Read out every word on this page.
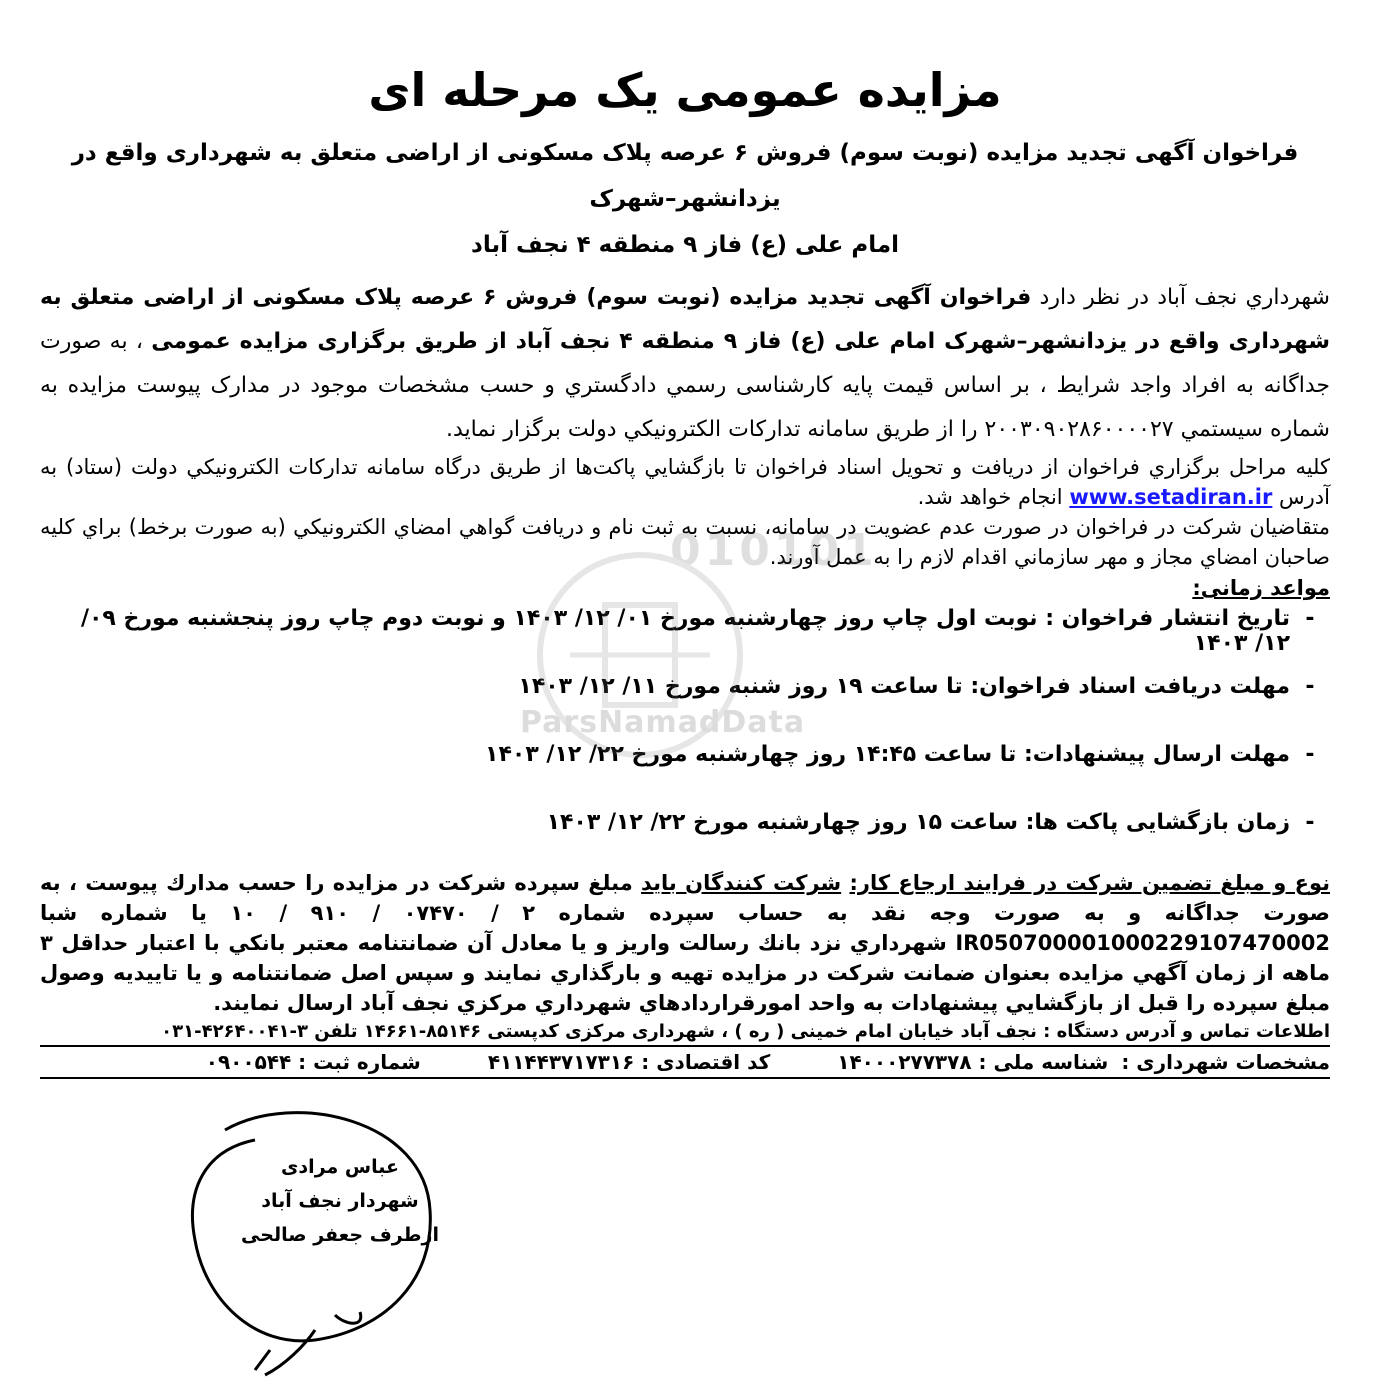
مزایده عمومی یک مرحله ای
فراخوان آگهی تجدید مزایده (نوبت سوم) فروش ۶ عرصه پلاک مسکونی از اراضی متعلق به شهرداری واقع در یزدانشهر–شهرک
امام علی (ع) فاز ۹ منطقه ۴ نجف آباد

شهرداري نجف آباد در نظر دارد فراخوان آگهی تجدید مزایده (نوبت سوم) فروش ۶ عرصه پلاک مسکونی از اراضی متعلق به شهرداری واقع در یزدانشهر–شهرک امام علی (ع) فاز ۹ منطقه ۴ نجف آباد از طریق برگزاری مزایده عمومی ، به صورت جداگانه به افراد واجد شرایط ، بر اساس قیمت پایه کارشناسی رسمي دادگستري و حسب مشخصات موجود در مدارک پیوست مزایده به شماره سیستمي ۲۰۰۳۰۹۰۲۸۶۰۰۰۰۲۷ را از طریق سامانه تداركات الكترونيكي دولت برگزار نماید.

كليه مراحل برگزاري فراخوان از دریافت و تحویل اسناد فراخوان تا بازگشايي پاكت‌ها از طريق درگاه سامانه تداركات الكترونيكي دولت (ستاد) به آدرس www.setadiran.ir انجام خواهد شد.

متقاضيان شركت در فراخوان در صورت عدم عضويت در سامانه، نسبت به ثبت نام و دريافت گواهي امضاي الكترونيكي (به صورت برخط) براي كليه صاحبان امضاي مجاز و مهر سازماني اقدام لازم را به عمل آورند.

مواعد زمانی:
-
تاریخ انتشار فراخوان : نوبت اول چاپ روز چهارشنبه مورخ ۰۱/ ۱۲/ ۱۴۰۳ و نوبت دوم چاپ روز پنجشنبه مورخ ۰۹/ ۱۲/ ۱۴۰۳
-
مهلت دریافت اسناد فراخوان: تا ساعت ۱۹ روز شنبه مورخ ۱۱/ ۱۲/ ۱۴۰۳
-
مهلت ارسال پیشنهادات: تا ساعت ۱۴:۴۵ روز چهارشنبه مورخ ۲۲/ ۱۲/ ۱۴۰۳
-
زمان بازگشایی پاکت ها: ساعت ۱۵ روز چهارشنبه مورخ ۲۲/ ۱۲/ ۱۴۰۳
نوع و مبلغ تضمین شرکت در فرایند ارجاع کار: شرکت کنندگان باید مبلغ سپرده شرکت در مزایده را حسب مدارك پیوست ، به صورت جداگانه و به صورت وجه نقد به حساب سپرده شماره ۲ / ۰۷۴۷۰ / ۹۱۰ / ۱۰ یا شماره شبا IR050700001000229107470002 شهرداري نزد بانك رسالت واريز و یا معادل آن ضمانتنامه معتبر بانكي با اعتبار حداقل ۳ ماهه از زمان آگهي مزایده بعنوان ضمانت شرکت در مزایده تهیه و بارگذاري نمایند و سپس اصل ضمانتنامه و یا تاییدیه وصول مبلغ سپرده را قبل از بازگشایي پيشنهادات به واحد امورقراردادهاي شهرداري مرکزي نجف آباد ارسال نمایند.
اطلاعات تماس و آدرس دستگاه : نجف آباد خیابان امام خمینی ( ره ) ، شهرداری مرکزی کدپستی ۸۵۱۴۶-۱۴۶۶۱ تلفن ۳-۴۲۶۴۰۰۴۱-۰۳۱
مشخصات شهرداری : شناسه ملی : ۱۴۰۰۰۲۷۷۳۷۸ کد اقتصادی : ۴۱۱۴۴۳۷۱۷۳۱۶ شماره ثبت : ۰۹۰۰۵۴۴
010101
ParsNamadData
عباس مرادی
شهردار نجف آباد
ازطرف جعفر صالحی
